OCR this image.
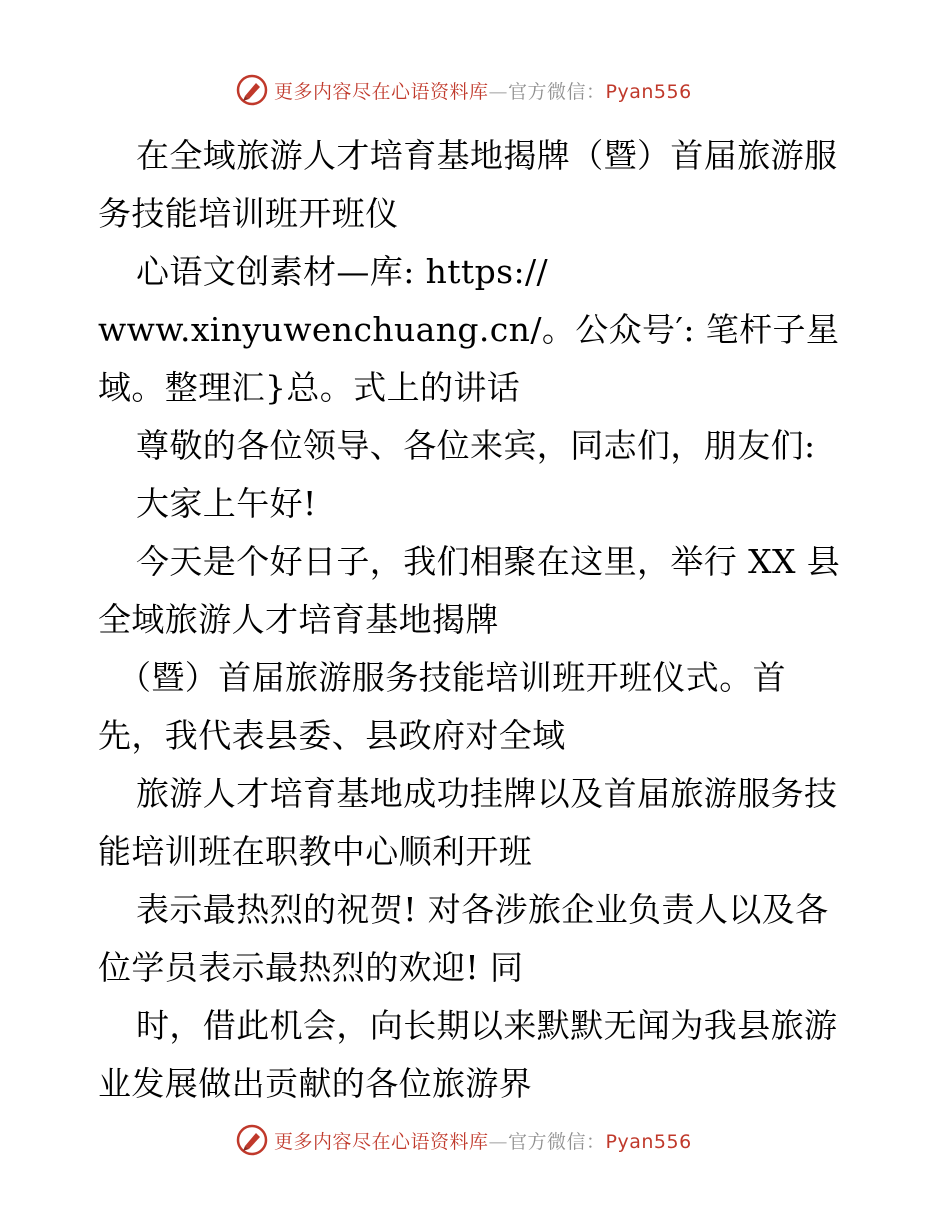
更多内容尽在心语资料库—官方微信：Pyan556
在全域旅游人才培育基地揭牌（暨）首届旅游服
务技能培训班开班仪
心语文创素材—库: https://
www.xinyuwenchuang.cn/。公众号′: 笔杆子星
域。整理汇}总。式上的讲话
尊敬的各位领导、各位来宾，同志们，朋友们:
大家上午好!
今天是个好日子，我们相聚在这里，举行 XX 县
全域旅游人才培育基地揭牌
（暨）首届旅游服务技能培训班开班仪式。首
先，我代表县委、县政府对全域
旅游人才培育基地成功挂牌以及首届旅游服务技
能培训班在职教中心顺利开班
表示最热烈的祝贺! 对各涉旅企业负责人以及各
位学员表示最热烈的欢迎! 同
时，借此机会，向长期以来默默无闻为我县旅游
业发展做出贡献的各位旅游界
更多内容尽在心语资料库—官方微信：Pyan556
